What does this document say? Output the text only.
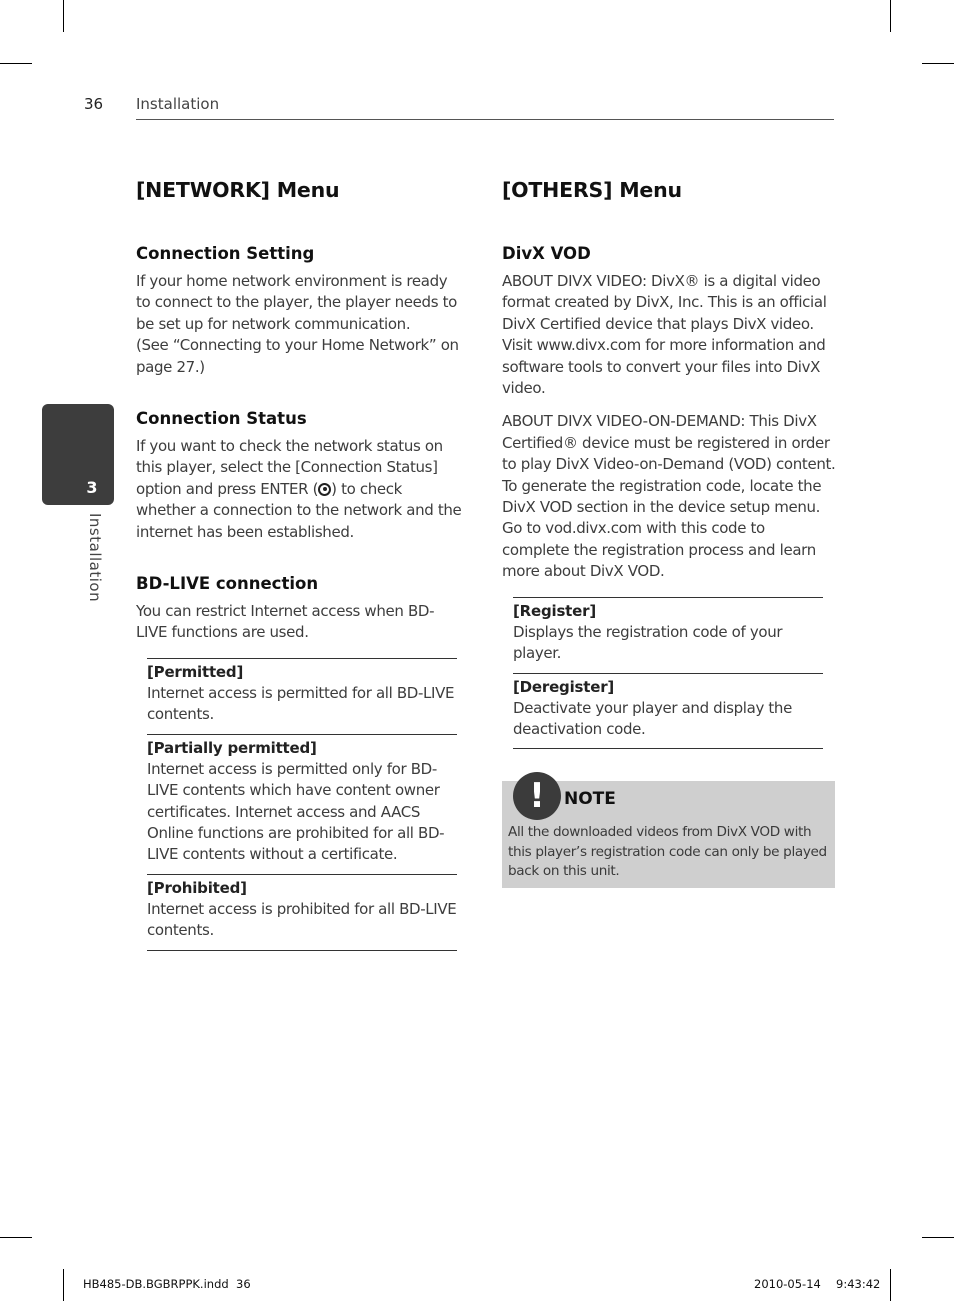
36 Installation
3
Installation
[NETWORK] Menu
Connection Setting

If your home network environment is ready to connect to the player, the player needs to be set up for network communication.

(See “Connecting to your Home Network” on page 27.)

Connection Status

If you want to check the network status on this player, select the [Connection Status] option and press ENTER ( ) to check whether a connection to the network and the internet has been established.

BD-LIVE connection

You can restrict Internet access when BD-LIVE functions are used.

[Permitted]

Internet access is permitted for all BD-LIVE contents.

[Partially permitted]

Internet access is permitted only for BD-LIVE contents which have content owner certificates. Internet access and AACS Online functions are prohibited for all BD-LIVE contents without a certificate.

[Prohibited]

Internet access is prohibited for all BD-LIVE contents.

[OTHERS] Menu
DivX VOD

ABOUT DIVX VIDEO: DivX® is a digital video format created by DivX, Inc. This is an official DivX Certified device that plays DivX video. Visit www.divx.com for more information and software tools to convert your files into DivX video.

ABOUT DIVX VIDEO-ON-DEMAND: This DivX Certified® device must be registered in order to play DivX Video-on-Demand (VOD) content. To generate the registration code, locate the DivX VOD section in the device setup menu. Go to vod.divx.com with this code to complete the registration process and learn more about DivX VOD.

[Register]

Displays the registration code of your player.

[Deregister]

Deactivate your player and display the deactivation code.

!	NOTE
All the downloaded videos from DivX VOD with this player’s registration code can only be played back on this unit.
HB485-DB.BGBRPPK.indd 36	2010-05-14 9:43:42
